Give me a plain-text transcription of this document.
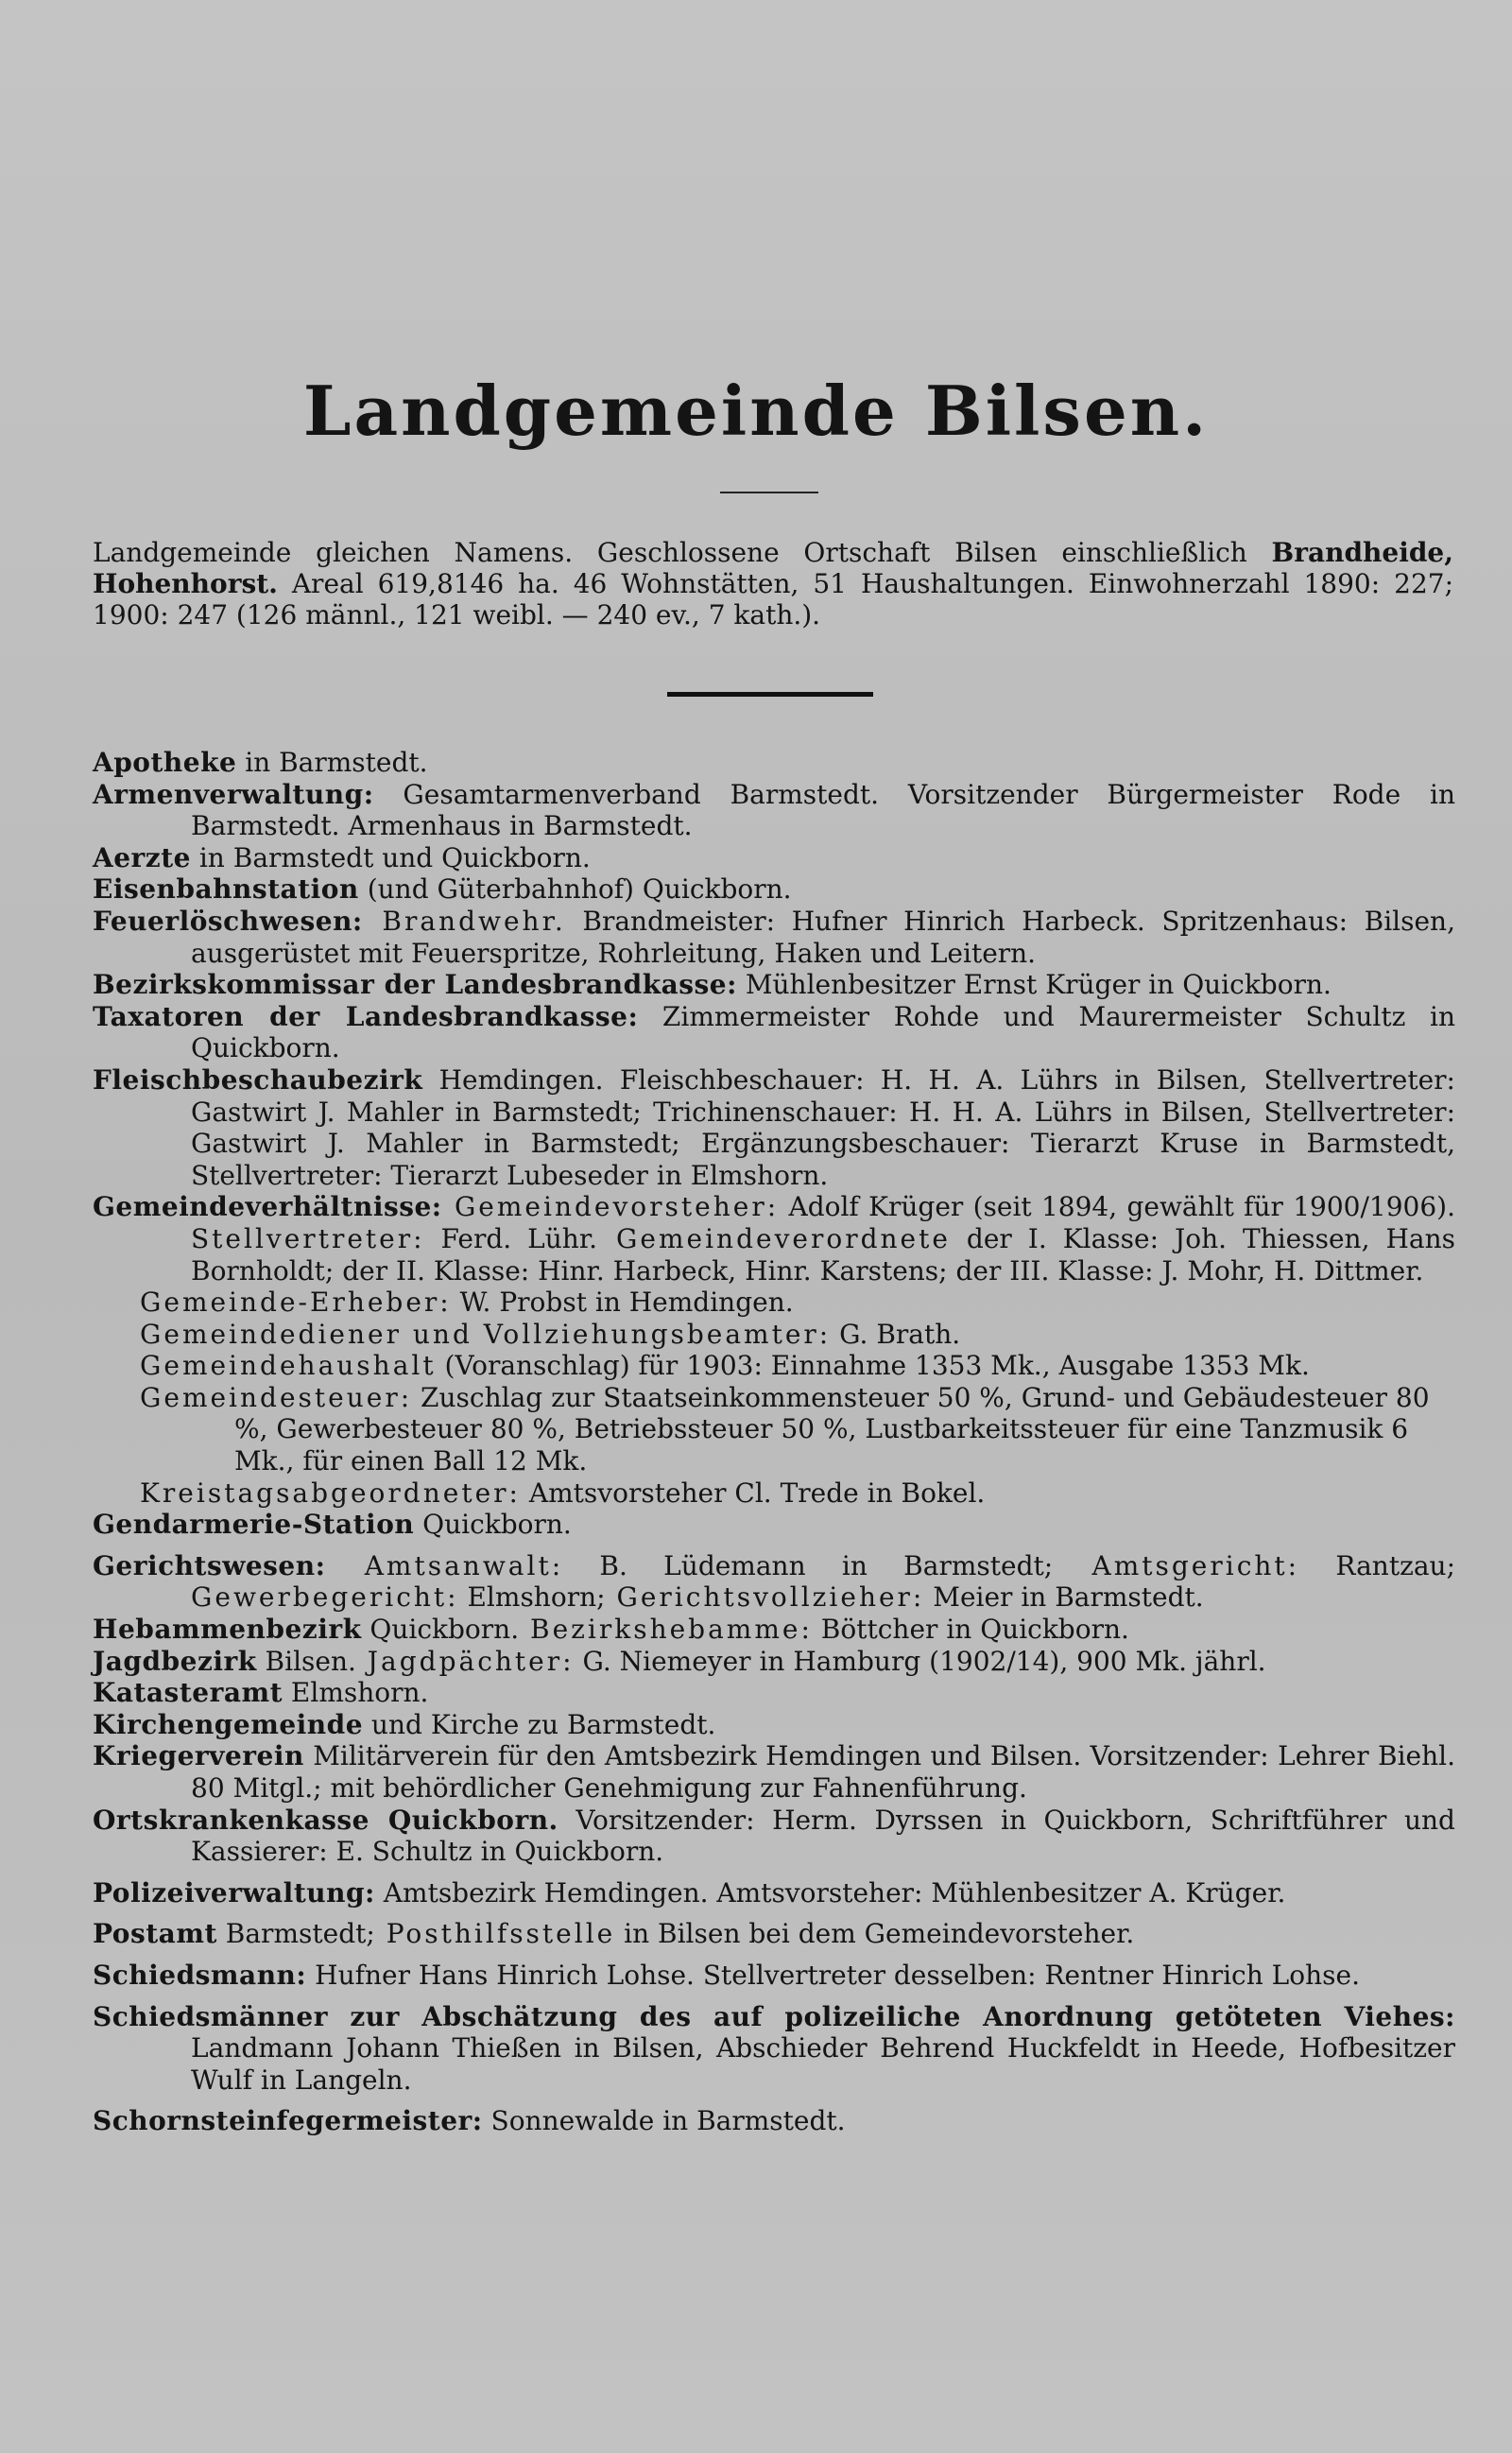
Landgemeinde Bilsen.
Landgemeinde gleichen Namens. Geschlossene Ortschaft Bilsen einschließlich Brandheide, Hohenhorst. Areal 619,8146 ha. 46 Wohnstätten, 51 Haushaltungen. Einwohnerzahl 1890: 227; 1900: 247 (126 männl., 121 weibl. — 240 ev., 7 kath.).
Apotheke in Barmstedt.
Armenverwaltung: Gesamtarmenverband Barmstedt. Vorsitzender Bürgermeister Rode in Barmstedt. Armenhaus in Barmstedt.
Aerzte in Barmstedt und Quickborn.
Eisenbahnstation (und Güterbahnhof) Quickborn.
Feuerlöschwesen: Brandwehr. Brandmeister: Hufner Hinrich Harbeck. Spritzenhaus: Bilsen, ausgerüstet mit Feuerspritze, Rohrleitung, Haken und Leitern.
Bezirkskommissar der Landesbrandkasse: Mühlenbesitzer Ernst Krüger in Quickborn.
Taxatoren der Landesbrandkasse: Zimmermeister Rohde und Maurermeister Schultz in Quickborn.
Fleischbeschaubezirk Hemdingen. Fleischbeschauer: H. H. A. Lührs in Bilsen, Stellvertreter: Gastwirt J. Mahler in Barmstedt; Trichinenschauer: H. H. A. Lührs in Bilsen, Stellvertreter: Gastwirt J. Mahler in Barmstedt; Ergänzungsbeschauer: Tierarzt Kruse in Barmstedt, Stellvertreter: Tierarzt Lubeseder in Elmshorn.
Gemeindeverhältnisse: Gemeindevorsteher: Adolf Krüger (seit 1894, gewählt für 1900/1906). Stellvertreter: Ferd. Lühr. Gemeindeverordnete der I. Klasse: Joh. Thiessen, Hans Bornholdt; der II. Klasse: Hinr. Harbeck, Hinr. Karstens; der III. Klasse: J. Mohr, H. Dittmer.
Gemeinde-Erheber: W. Probst in Hemdingen.
Gemeindediener und Vollziehungsbeamter: G. Brath.
Gemeindehaushalt (Voranschlag) für 1903: Einnahme 1353 Mk., Ausgabe 1353 Mk.
Gemeindesteuer: Zuschlag zur Staatseinkommensteuer 50 %, Grund- und Gebäudesteuer 80 %, Gewerbesteuer 80 %, Betriebssteuer 50 %, Lustbarkeitssteuer für eine Tanzmusik 6 Mk., für einen Ball 12 Mk.
Kreistagsabgeordneter: Amtsvorsteher Cl. Trede in Bokel.
Gendarmerie-Station Quickborn.
Gerichtswesen: Amtsanwalt: B. Lüdemann in Barmstedt; Amtsgericht: Rantzau; Gewerbegericht: Elmshorn; Gerichtsvollzieher: Meier in Barmstedt.
Hebammenbezirk Quickborn. Bezirkshebamme: Böttcher in Quickborn.
Jagdbezirk Bilsen. Jagdpächter: G. Niemeyer in Hamburg (1902/14), 900 Mk. jährl.
Katasteramt Elmshorn.
Kirchengemeinde und Kirche zu Barmstedt.
Kriegerverein Militärverein für den Amtsbezirk Hemdingen und Bilsen. Vorsitzender: Lehrer Biehl. 80 Mitgl.; mit behördlicher Genehmigung zur Fahnenführung.
Ortskrankenkasse Quickborn. Vorsitzender: Herm. Dyrssen in Quickborn, Schriftführer und Kassierer: E. Schultz in Quickborn.
Polizeiverwaltung: Amtsbezirk Hemdingen. Amtsvorsteher: Mühlenbesitzer A. Krüger.
Postamt Barmstedt; Posthilfsstelle in Bilsen bei dem Gemeindevorsteher.
Schiedsmann: Hufner Hans Hinrich Lohse. Stellvertreter desselben: Rentner Hinrich Lohse.
Schiedsmänner zur Abschätzung des auf polizeiliche Anordnung getöteten Viehes: Landmann Johann Thießen in Bilsen, Abschieder Behrend Huckfeldt in Heede, Hofbesitzer Wulf in Langeln.
Schornsteinfegermeister: Sonnewalde in Barmstedt.
